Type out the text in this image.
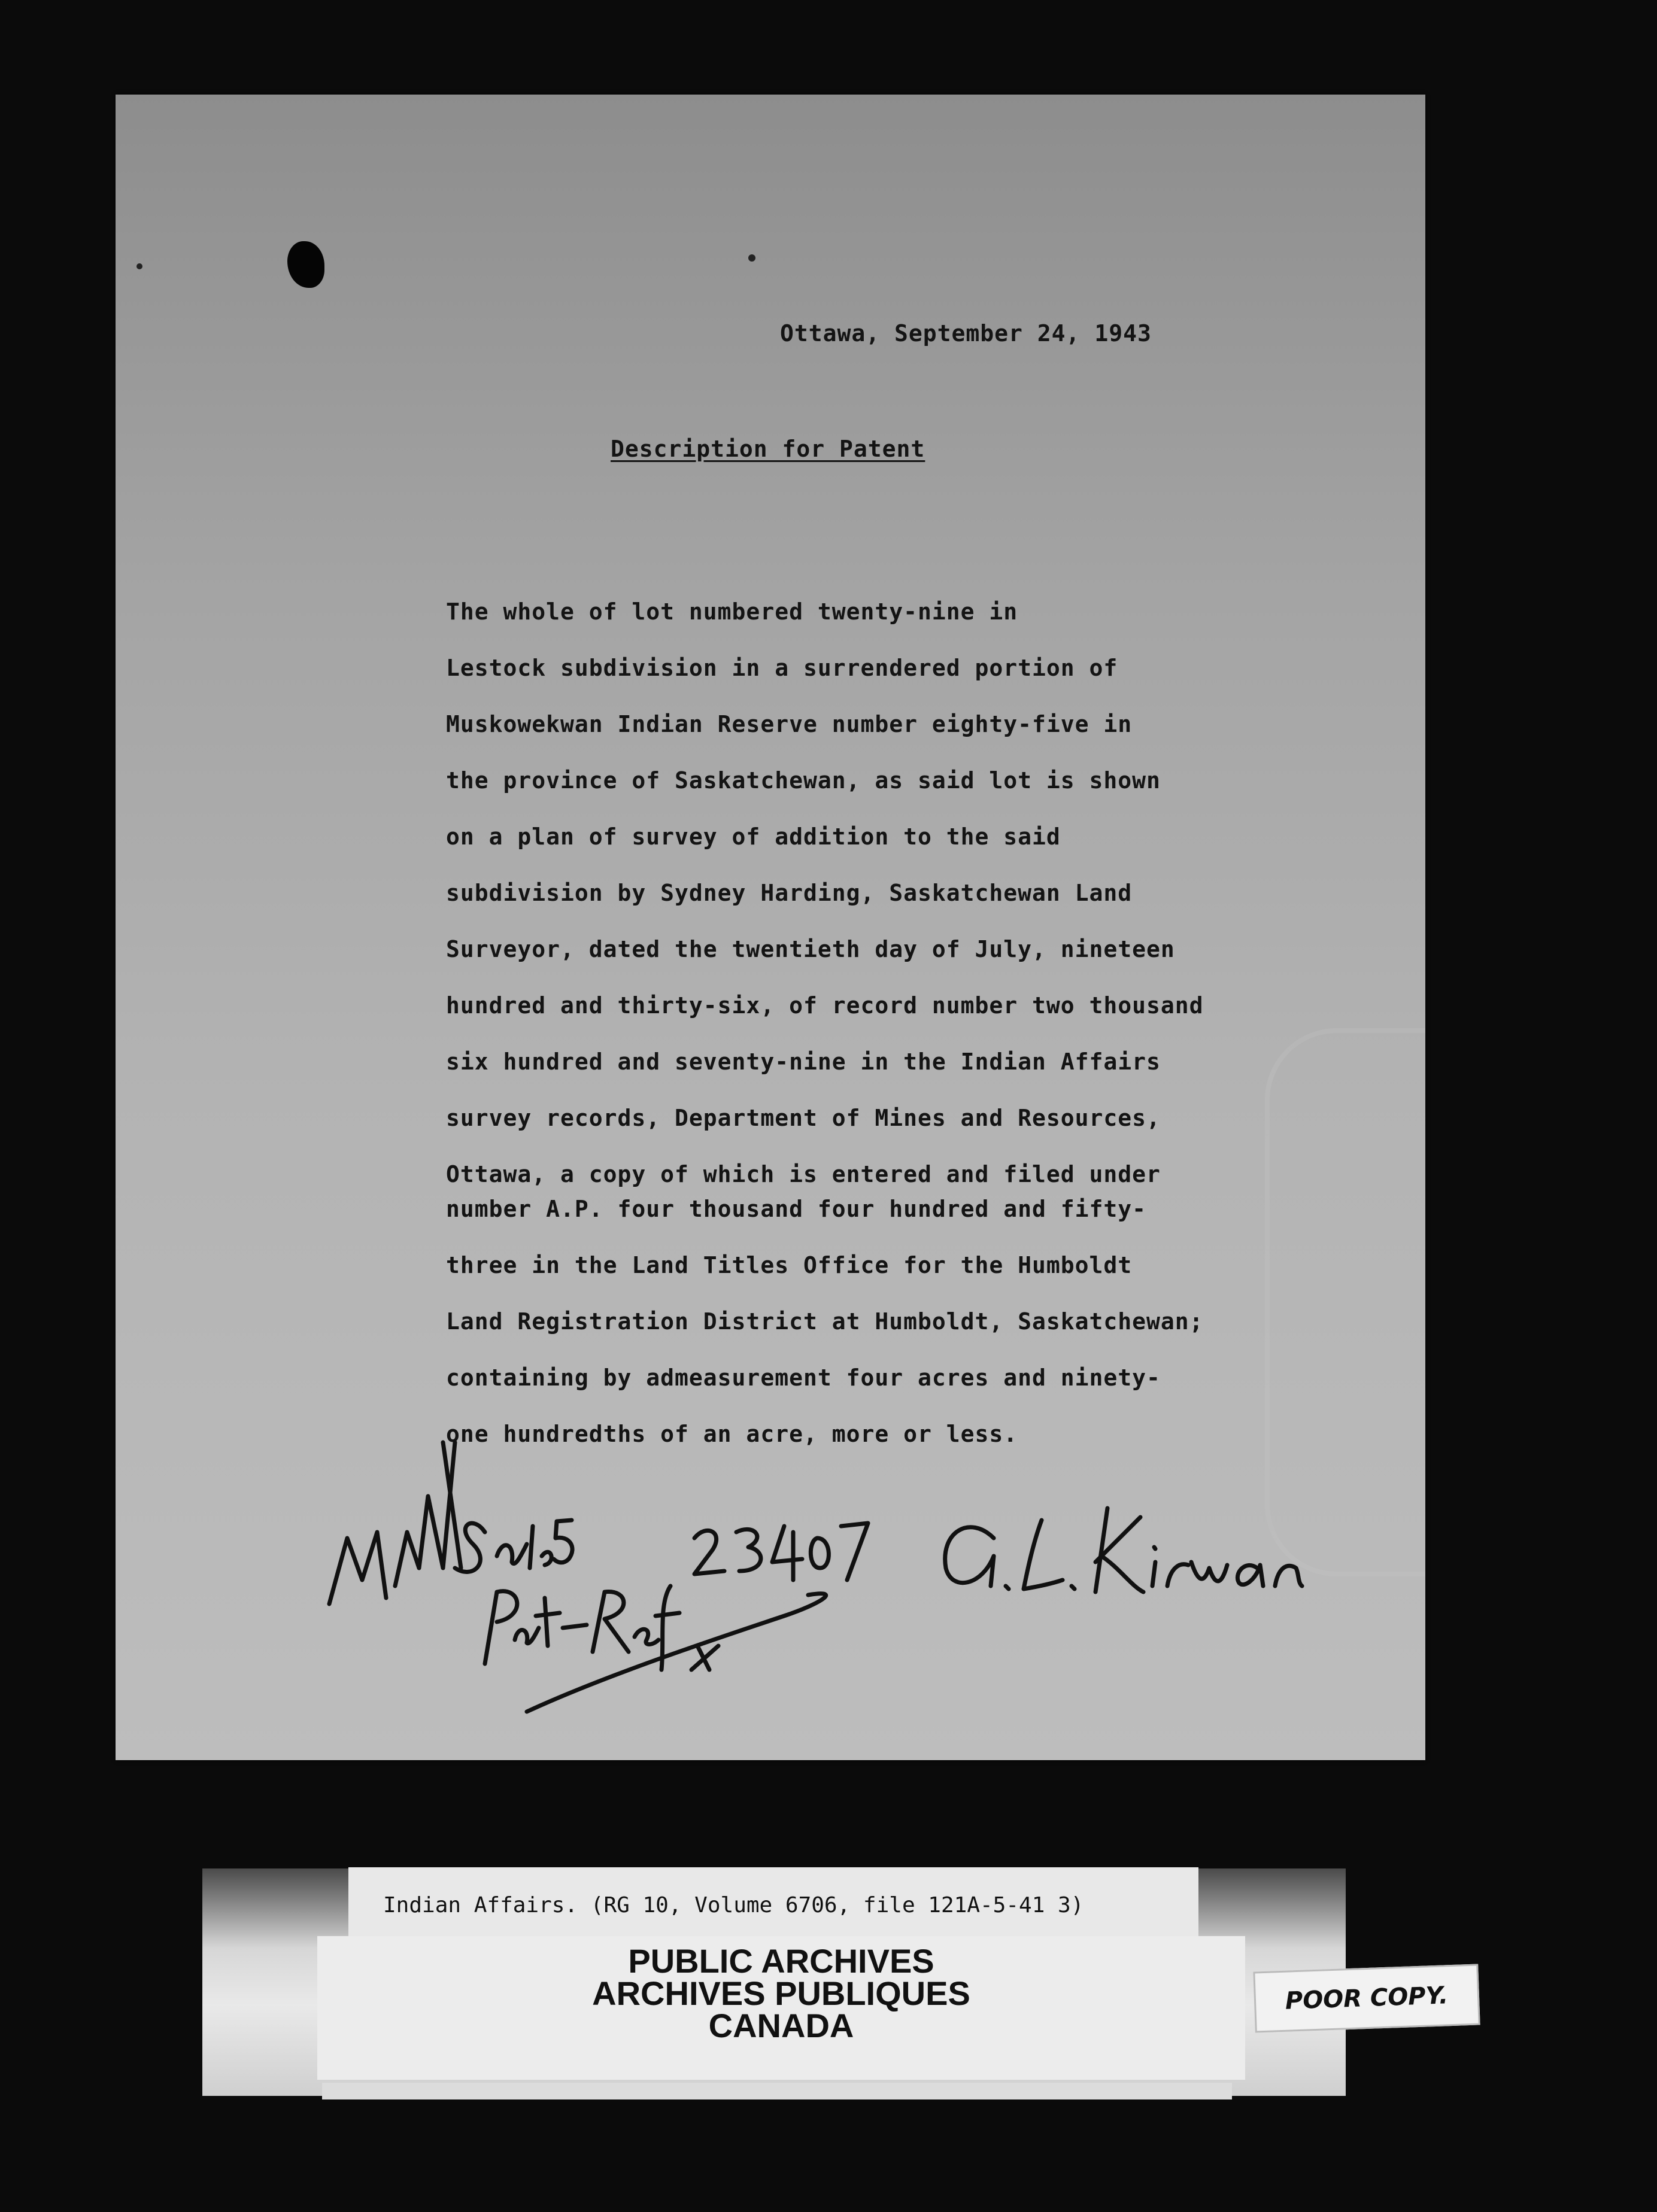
Ottawa, September 24, 1943
Description for Patent
The whole of lot numbered twenty-nine in
Lestock subdivision in a surrendered portion of
Muskowekwan Indian Reserve number eighty-five in
the province of Saskatchewan, as said lot is shown
on a plan of survey of addition to the said
subdivision by Sydney Harding, Saskatchewan Land
Surveyor, dated the twentieth day of July, nineteen
hundred and thirty-six, of record number two thousand
six hundred and seventy-nine in the Indian Affairs
survey records, Department of Mines and Resources,
Ottawa, a copy of which is entered and filed under
number A.P. four thousand four hundred and fifty-
three in the Land Titles Office for the Humboldt
Land Registration District at Humboldt, Saskatchewan;
containing by admeasurement four acres and ninety-
one hundredths of an acre, more or less.
Indian Affairs. (RG 10, Volume 6706, file 121A-5-41 3)
PUBLIC ARCHIVES
ARCHIVES PUBLIQUES
CANADA
POOR COPY.
